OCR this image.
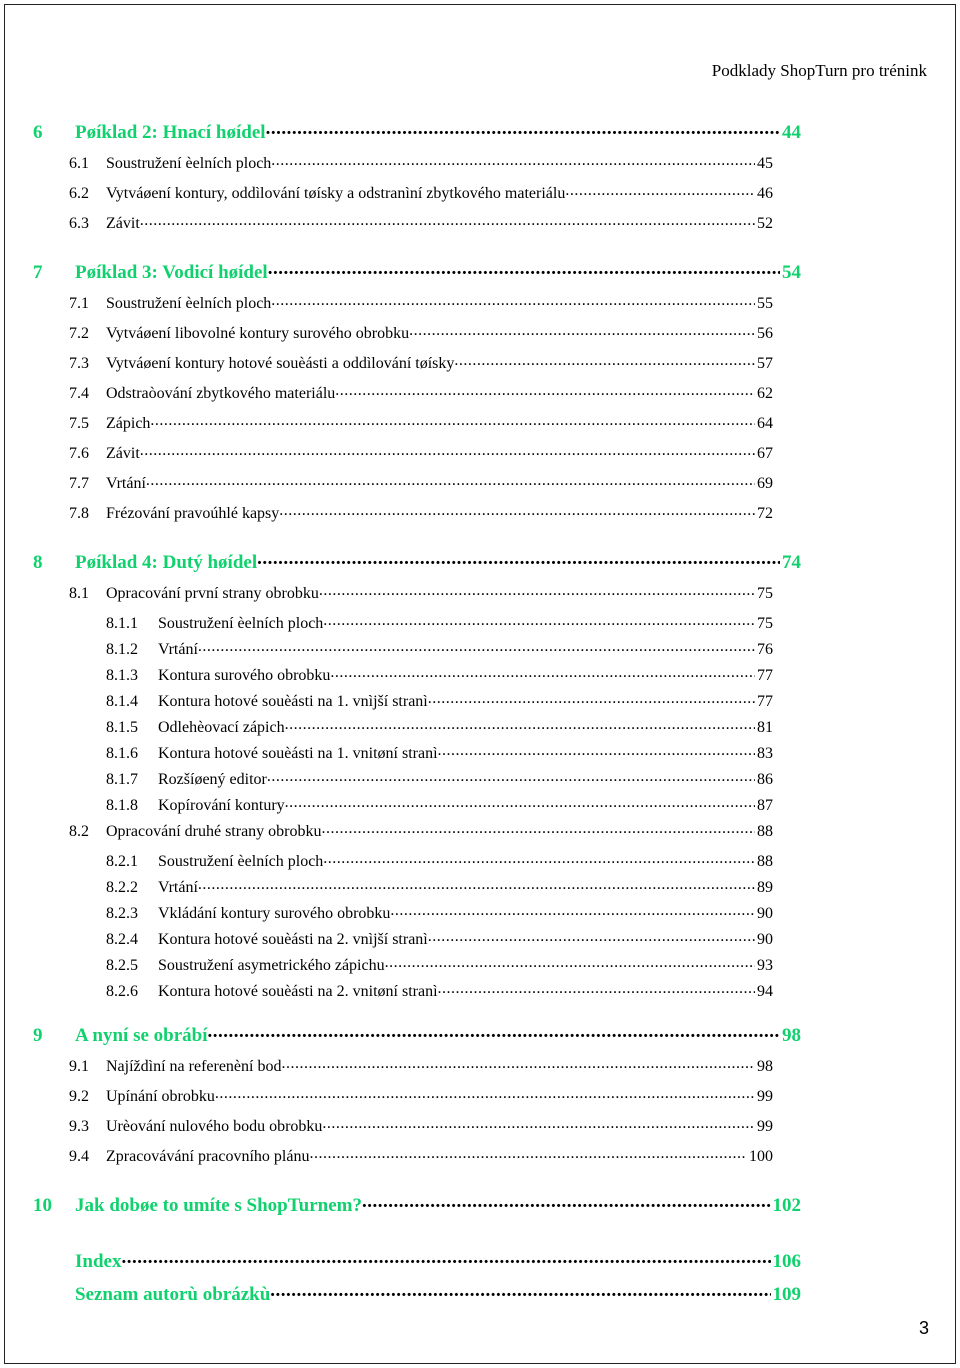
Podklady ShopTurn pro trénink
6	Pøíklad 2: Hnací høídel .....	44
6.1	Soustružení èelních ploch .....	45
6.2	Vytváøení kontury, oddìlování tøísky a odstranìní zbytkového materiálu .....	46
6.3	Závit .....	52
7	Pøíklad 3: Vodicí høídel .....	54
7.1	Soustružení èelních ploch .....	55
7.2	Vytváøení libovolné kontury surového obrobku .....	56
7.3	Vytváøení kontury hotové souèásti a oddìlování tøísky .....	57
7.4	Odstraòování zbytkového materiálu .....	62
7.5	Zápich .....	64
7.6	Závit .....	67
7.7	Vrtání .....	69
7.8	Frézování pravoúhlé kapsy .....	72
8	Pøíklad 4: Dutý høídel .....	74
8.1	Opracování první strany obrobku .....	75
8.1.1	Soustružení èelních ploch .....	75
8.1.2	Vrtání .....	76
8.1.3	Kontura surového obrobku .....	77
8.1.4	Kontura hotové souèásti na 1. vnìjší stranì .....	77
8.1.5	Odlehèovací zápich .....	81
8.1.6	Kontura hotové souèásti na 1. vnitøní stranì .....	83
8.1.7	Rozšíøený editor .....	86
8.1.8	Kopírování kontury .....	87
8.2	Opracování druhé strany obrobku .....	88
8.2.1	Soustružení èelních ploch .....	88
8.2.2	Vrtání .....	89
8.2.3	Vkládání kontury surového obrobku .....	90
8.2.4	Kontura hotové souèásti na 2. vnìjší stranì .....	90
8.2.5	Soustružení asymetrického zápichu .....	93
8.2.6	Kontura hotové souèásti na 2. vnitøní stranì .....	94
9	A nyní se obrábí .....	98
9.1	Najíždìní na referenèní bod .....	98
9.2	Upínání obrobku .....	99
9.3	Urèování nulového bodu obrobku .....	99
9.4	Zpracovávání pracovního plánu .....	100
10	Jak dobøe to umíte s ShopTurnem? .....	102
Index .....	106
Seznam autorù obrázkù .....	109
3
